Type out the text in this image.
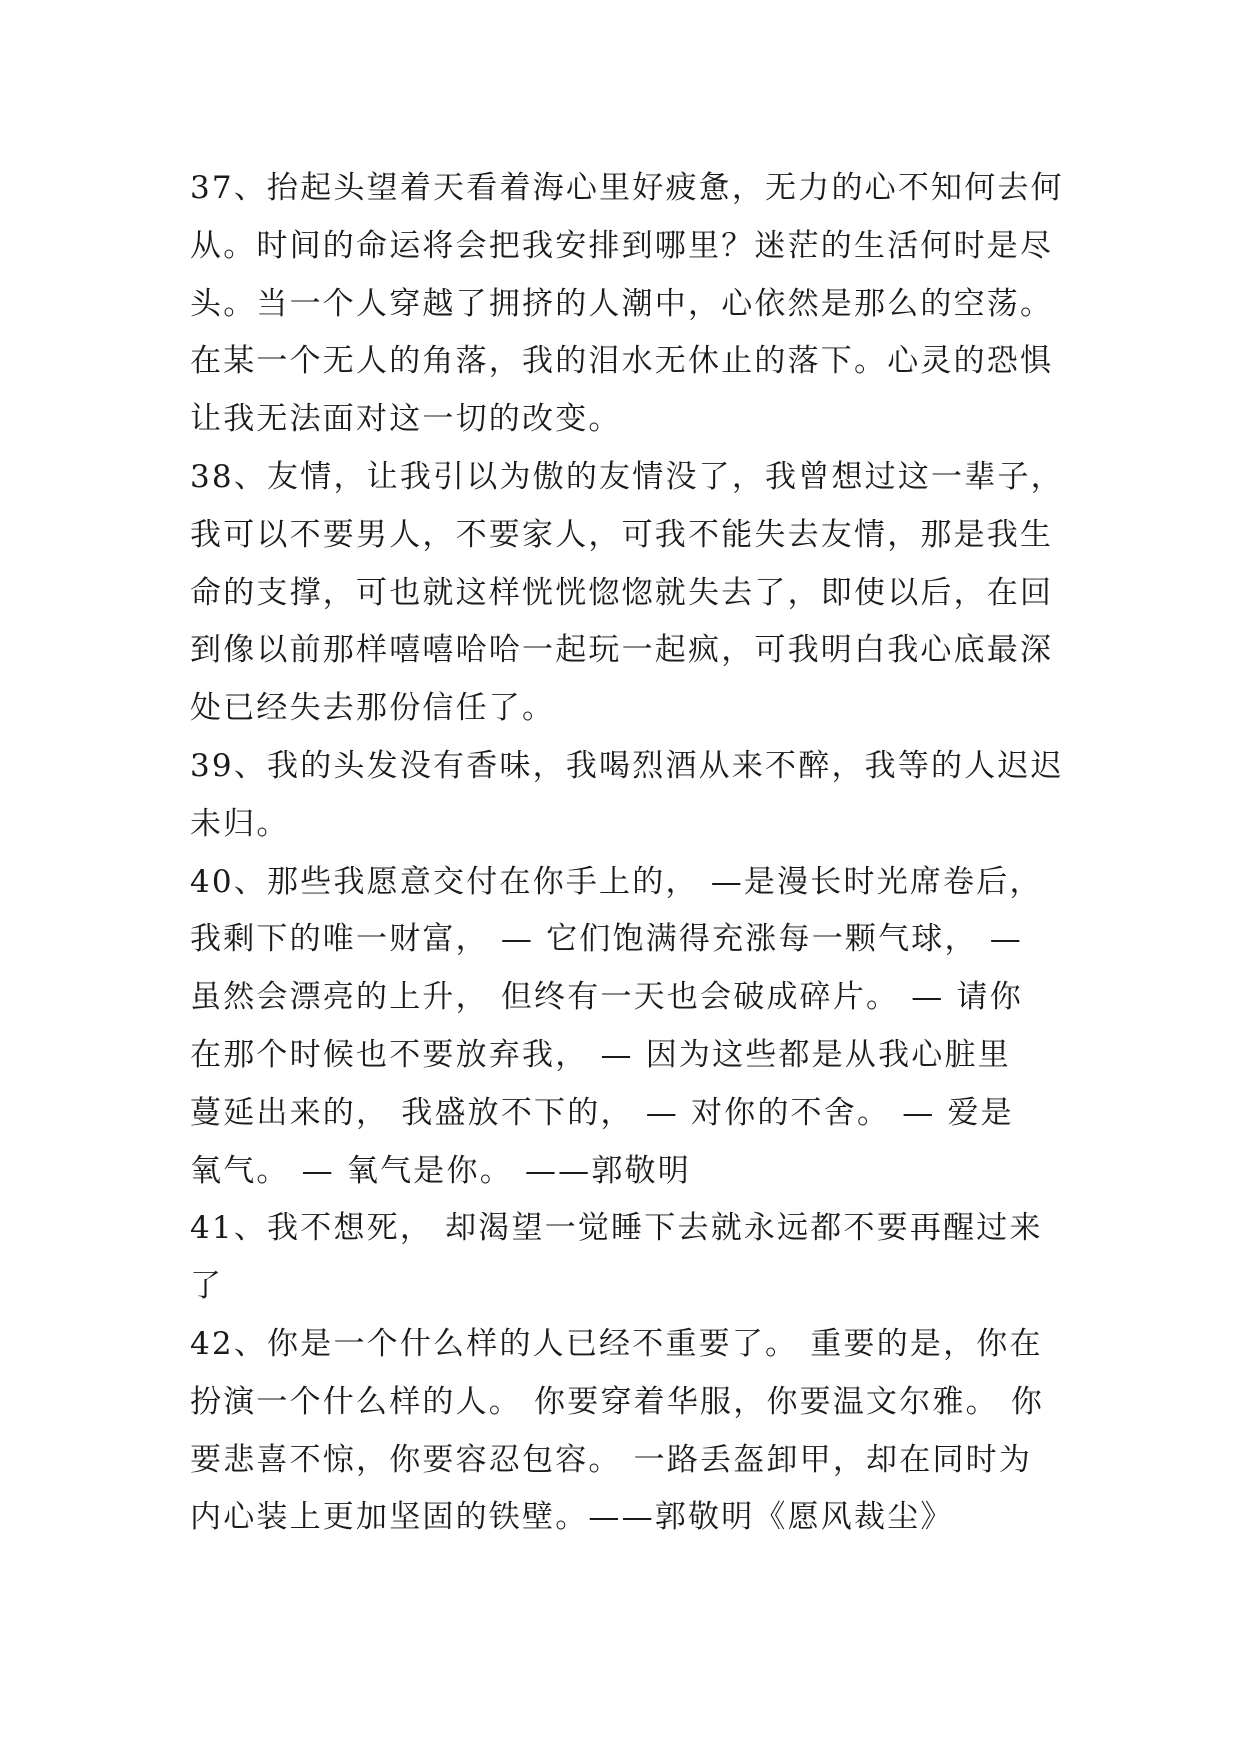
37、抬起头望着天看着海心里好疲惫，无力的心不知何去何
从。时间的命运将会把我安排到哪里？迷茫的生活何时是尽
头。当一个人穿越了拥挤的人潮中，心依然是那么的空荡。
在某一个无人的角落，我的泪水无休止的落下。心灵的恐惧
让我无法面对这一切的改变。
38、友情，让我引以为傲的友情没了，我曾想过这一辈子，
我可以不要男人，不要家人，可我不能失去友情，那是我生
命的支撑，可也就这样恍恍惚惚就失去了，即使以后，在回
到像以前那样嘻嘻哈哈一起玩一起疯，可我明白我心底最深
处已经失去那份信任了。
39、我的头发没有香味，我喝烈酒从来不醉，我等的人迟迟
未归。
40、那些我愿意交付在你手上的， —是漫长时光席卷后，
我剩下的唯一财富， — 它们饱满得充涨每一颗气球， —
虽然会漂亮的上升， 但终有一天也会破成碎片。 — 请你
在那个时候也不要放弃我， — 因为这些都是从我心脏里
蔓延出来的， 我盛放不下的， — 对你的不舍。 — 爱是
氧气。 — 氧气是你。 ——郭敬明
41、我不想死， 却渴望一觉睡下去就永远都不要再醒过来
了
42、你是一个什么样的人已经不重要了。 重要的是，你在
扮演一个什么样的人。 你要穿着华服，你要温文尔雅。 你
要悲喜不惊，你要容忍包容。 一路丢盔卸甲，却在同时为
内心装上更加坚固的铁壁。——郭敬明《愿风裁尘》
